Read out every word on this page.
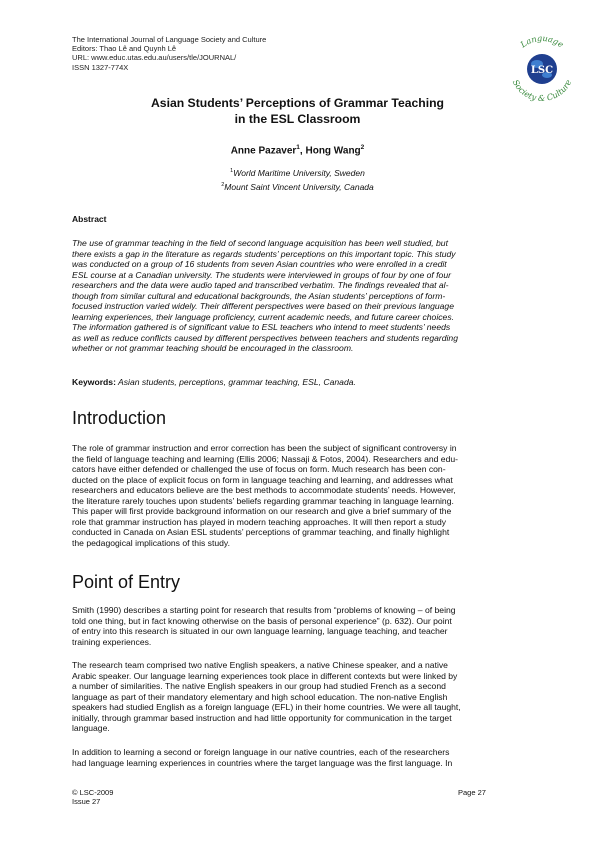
The International Journal of Language Society and Culture
Editors: Thao Lê and Quynh Lê
URL: www.educ.utas.edu.au/users/tle/JOURNAL/
ISSN 1327-774X
Language
Society & Culture
LSC
Asian Students’ Perceptions of Grammar Teaching
in the ESL Classroom
Anne Pazaver$^1$, Hong Wang$^2$
$^1$World Maritime University, Sweden
$^2$Mount Saint Vincent University, Canada
Abstract
The use of grammar teaching in the field of second language acquisition has been well studied, but
there exists a gap in the literature as regards students’ perceptions on this important topic. This study
was conducted on a group of 16 students from seven Asian countries who were enrolled in a credit
ESL course at a Canadian university. The students were interviewed in groups of four by one of four
researchers and the data were audio taped and transcribed verbatim. The findings revealed that al-
though from similar cultural and educational backgrounds, the Asian students’ perceptions of form-
focused instruction varied widely. Their different perspectives were based on their previous language
learning experiences, their language proficiency, current academic needs, and future career choices.
The information gathered is of significant value to ESL teachers who intend to meet students’ needs
as well as reduce conflicts caused by different perspectives between teachers and students regarding
whether or not grammar teaching should be encouraged in the classroom.
Keywords: Asian students, perceptions, grammar teaching, ESL, Canada.
Introduction
The role of grammar instruction and error correction has been the subject of significant controversy in
the field of language teaching and learning (Ellis 2006; Nassaji & Fotos, 2004). Researchers and edu-
cators have either defended or challenged the use of focus on form. Much research has been con-
ducted on the place of explicit focus on form in language teaching and learning, and addresses what
researchers and educators believe are the best methods to accommodate students’ needs. However,
the literature rarely touches upon students’ beliefs regarding grammar teaching in language learning.
This paper will first provide background information on our research and give a brief summary of the
role that grammar instruction has played in modern teaching approaches. It will then report a study
conducted in Canada on Asian ESL students’ perceptions of grammar teaching, and finally highlight
the pedagogical implications of this study.
Point of Entry
Smith (1990) describes a starting point for research that results from “problems of knowing – of being
told one thing, but in fact knowing otherwise on the basis of personal experience” (p. 632). Our point
of entry into this research is situated in our own language learning, language teaching, and teacher
training experiences.
The research team comprised two native English speakers, a native Chinese speaker, and a native
Arabic speaker. Our language learning experiences took place in different contexts but were linked by
a number of similarities. The native English speakers in our group had studied French as a second
language as part of their mandatory elementary and high school education. The non-native English
speakers had studied English as a foreign language (EFL) in their home countries. We were all taught,
initially, through grammar based instruction and had little opportunity for communication in the target
language.
In addition to learning a second or foreign language in our native countries, each of the researchers
had language learning experiences in countries where the target language was the first language. In
© LSC-2009
Issue 27
Page 27
